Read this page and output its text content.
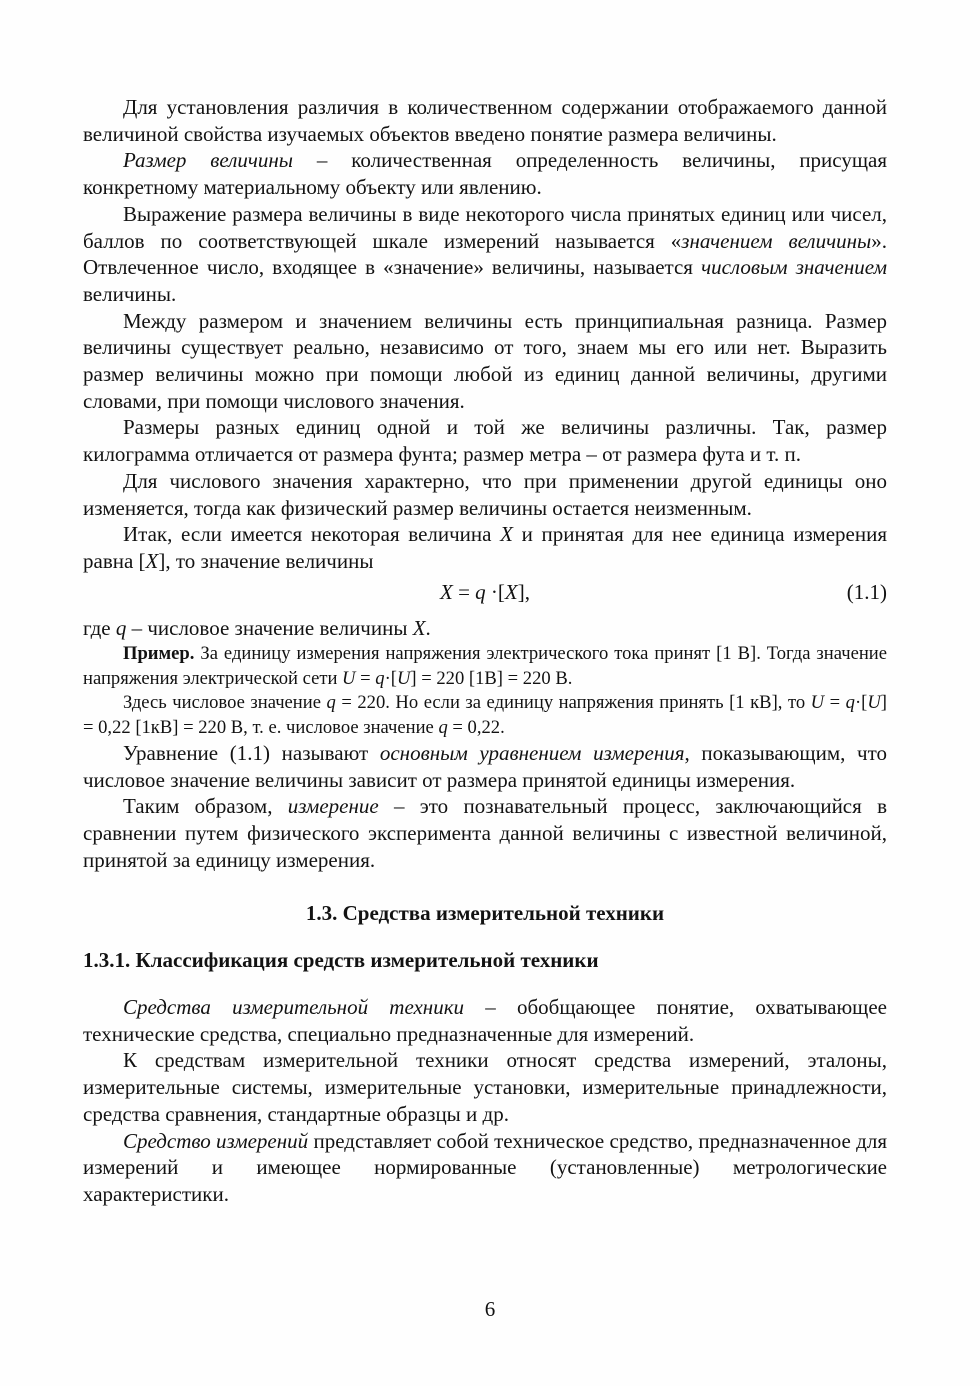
Для установления различия в количественном содержании отображаемого данной величиной свойства изучаемых объектов введено понятие размера величины.

Размер величины – количественная определенность величины, присущая конкретному материальному объекту или явлению.

Выражение размера величины в виде некоторого числа принятых единиц или чисел, баллов по соответствующей шкале измерений называется «значением величины». Отвлеченное число, входящее в «значение» величины, называется числовым значением величины.

Между размером и значением величины есть принципиальная разница. Размер величины существует реально, независимо от того, знаем мы его или нет. Выразить размер величины можно при помощи любой из единиц данной величины, другими словами, при помощи числового значения.

Размеры разных единиц одной и той же величины различны. Так, размер килограмма отличается от размера фунта; размер метра – от размера фута и т. п.

Для числового значения характерно, что при применении другой единицы оно изменяется, тогда как физический размер величины остается неизменным.

Итак, если имеется некоторая величина X и принятая для нее единица измерения равна [X], то значение величины

X = q ·[X],	(1.1)

где q – числовое значение величины X.

Пример. За единицу измерения напряжения электрического тока принят [1 В]. Тогда значение напряжения электрической сети U = q·[U] = 220 [1В] = 220 В.

Здесь числовое значение q = 220. Но если за единицу напряжения принять [1 кВ], то U = q·[U] = 0,22 [1кВ] = 220 В, т. е. числовое значение q = 0,22.

Уравнение (1.1) называют основным уравнением измерения, показывающим, что числовое значение величины зависит от размера принятой единицы измерения.

Таким образом, измерение – это познавательный процесс, заключающийся в сравнении путем физического эксперимента данной величины с известной величиной, принятой за единицу измерения.

1.3. Средства измерительной техники

1.3.1. Классификация средств измерительной техники

Средства измерительной техники – обобщающее понятие, охватывающее технические средства, специально предназначенные для измерений.

К средствам измерительной техники относят средства измерений, эталоны, измерительные системы, измерительные установки, измерительные принадлежности, средства сравнения, стандартные образцы и др.

Средство измерений представляет собой техническое средство, предназначенное для измерений и имеющее нормированные (установленные) метрологические характеристики.

6
